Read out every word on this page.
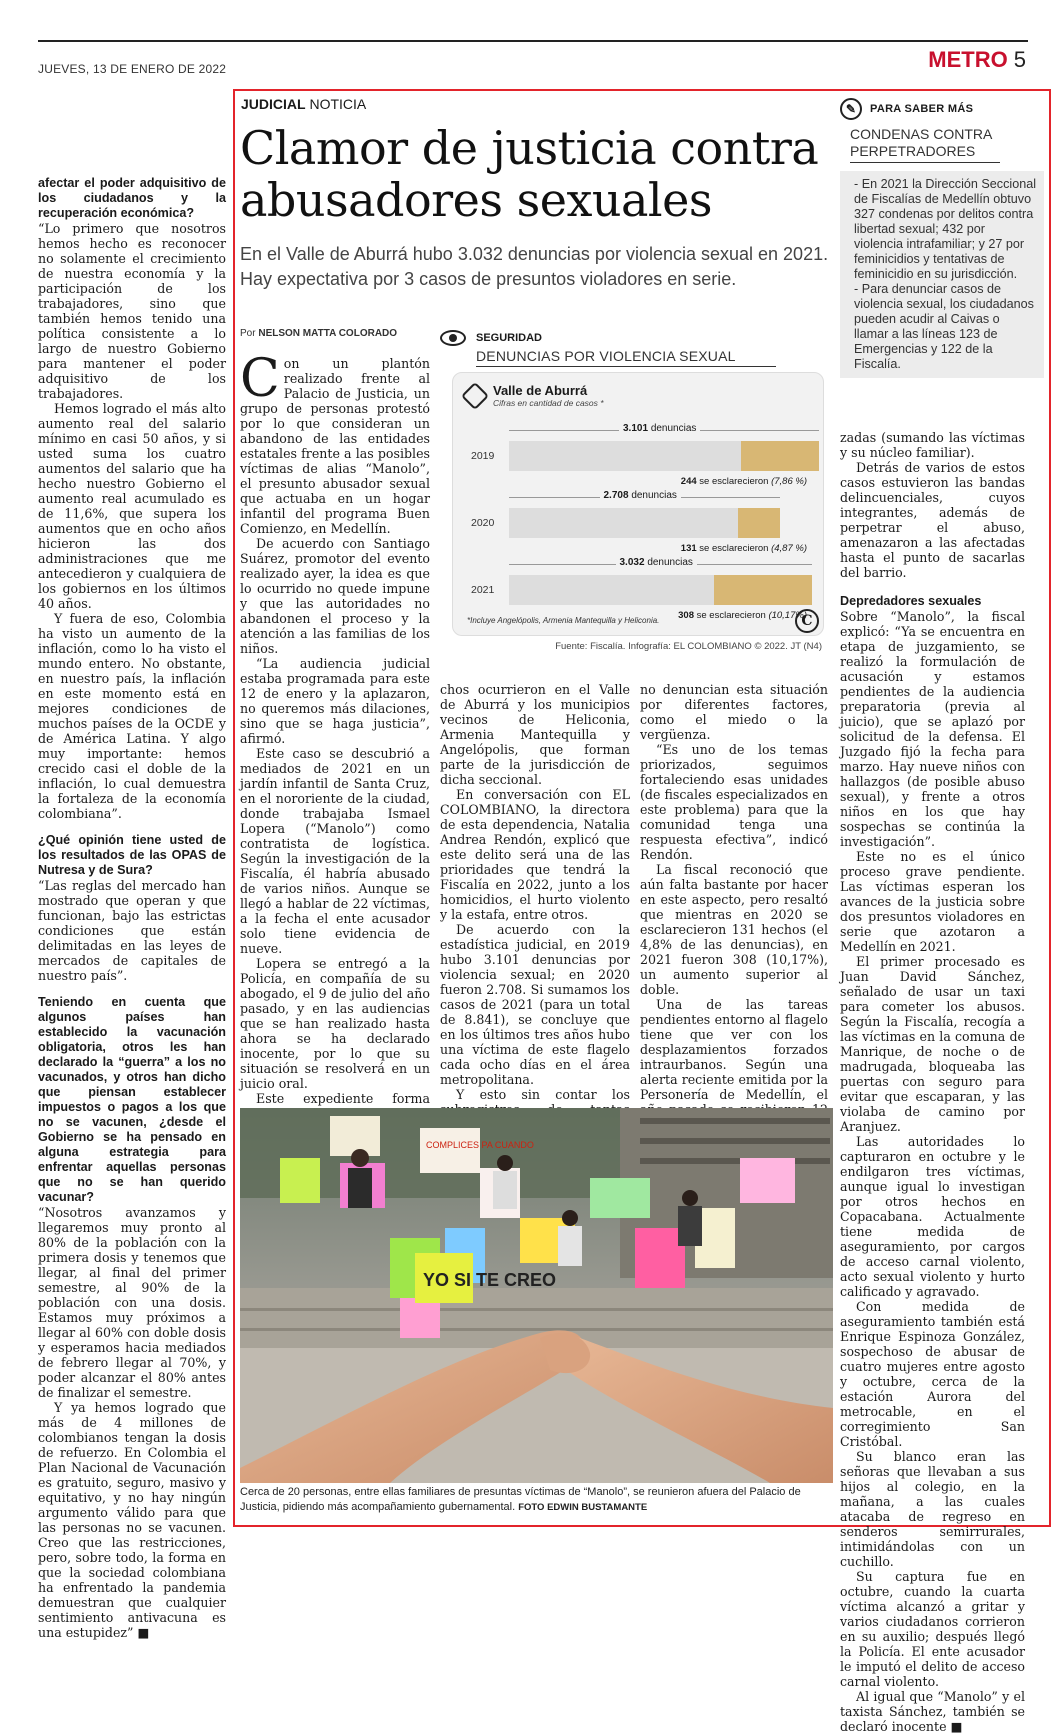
JUEVES, 13 DE ENERO DE 2022	METRO 5
afectar el poder adquisitivo de los ciudadanos y la recuperación económica?

“Lo primero que nosotros hemos hecho es reconocer no solamente el crecimiento de nuestra economía y la participación de los trabajadores, sino que también hemos tenido una política consistente a lo largo de nuestro Gobierno para mantener el poder adquisitivo de los trabajadores.

Hemos logrado el más alto aumento real del salario mínimo en casi 50 años, y si usted suma los cuatro aumentos del salario que ha hecho nuestro Gobierno el aumento real acumulado es de 11,6%, que supera los aumentos que en ocho años hicieron las dos administraciones que me antecedieron y cualquiera de los gobiernos en los últimos 40 años.

Y fuera de eso, Colombia ha visto un aumento de la inflación, como lo ha visto el mundo entero. No obstante, en nuestro país, la inflación en este momento está en mejores condiciones de muchos países de la OCDE y de América Latina. Y algo muy importante: hemos crecido casi el doble de la inflación, lo cual demuestra la fortaleza de la economía colombiana”.

¿Qué opinión tiene usted de los resultados de las OPAS de Nutresa y de Sura?

“Las reglas del mercado han mostrado que operan y que funcionan, bajo las estrictas condiciones que están delimitadas en las leyes de mercados de capitales de nuestro país”.

Teniendo en cuenta que algunos países han establecido la vacunación obligatoria, otros les han declarado la “guerra” a los no vacunados, y otros han dicho que piensan establecer impuestos o pagos a los que no se vacunen, ¿desde el Gobierno se ha pensado en alguna estrategia para enfrentar aquellas personas que no se han querido vacunar?

“Nosotros avanzamos y llegaremos muy pronto al 80% de la población con la primera dosis y tenemos que llegar, al final del primer semestre, al 90% de la población con una dosis. Estamos muy próximos a llegar al 60% con doble dosis y esperamos hacia mediados de febrero llegar al 70%, y poder alcanzar el 80% antes de finalizar el semestre.

Y ya hemos logrado que más de 4 millones de colombianos tengan la dosis de refuerzo. En Colombia el Plan Nacional de Vacunación es gratuito, seguro, masivo y equitativo, y no hay ningún argumento válido para que las personas no se vacunen. Creo que las restricciones, pero, sobre todo, la forma en que la sociedad colombiana ha enfrentado la pandemia demuestran que cualquier sentimiento antivacuna es una estupidez” ■

JUDICIAL NOTICIA
Clamor de justicia contra abusadores sexuales
En el Valle de Aburrá hubo 3.032 denuncias por violencia sexual en 2021. Hay expectativa por 3 casos de presuntos violadores en serie.
Por NELSON MATTA COLORADO
✎	PARA SABER MÁS
CONDENAS CONTRA PERPETRADORES

- En 2021 la Dirección Seccional de Fiscalías de Medellín obtuvo 327 condenas por delitos contra libertad sexual; 432 por violencia intrafamiliar; y 27 por feminicidios y tentativas de feminicidio en su jurisdicción.

- Para denunciar casos de violencia sexual, los ciudadanos pueden acudir al Caivas o llamar a las líneas 123 de Emergencias y 122 de la Fiscalía.

Con un plantón realizado frente al Palacio de Justicia, un grupo de personas protestó por lo que consideran un abandono de las entidades estatales frente a las posibles víctimas de alias “Manolo”, el presunto abusador sexual que actuaba en un hogar infantil del programa Buen Comienzo, en Medellín.

De acuerdo con Santiago Suárez, promotor del evento realizado ayer, la idea es que lo ocurrido no quede impune y que las autoridades no abandonen el proceso y la atención a las familias de los niños.

“La audiencia judicial estaba programada para este 12 de enero y la aplazaron, no queremos más dilaciones, sino que se haga justicia”, afirmó.

Este caso se descubrió a mediados de 2021 en un jardín infantil de Santa Cruz, en el nororiente de la ciudad, donde trabajaba Ismael Lopera (“Manolo”) como contratista de logística. Según la investigación de la Fiscalía, él habría abusado de varios niños. Aunque se llegó a hablar de 22 víctimas, a la fecha el ente acusador solo tiene evidencia de nueve.

Lopera se entregó a la Policía, en compañía de su abogado, el 9 de julio del año pasado, y en las audiencias que se han realizado hasta ahora se ha declarado inocente, por lo que su situación se resolverá en un juicio oral.

Este expediente forma

chos ocurrieron en el Valle de Aburrá y los municipios vecinos de Heliconia, Armenia Mantequilla y Angelópolis, que forman parte de la jurisdicción de dicha seccional.

En conversación con EL COLOMBIANO, la directora de esta dependencia, Natalia Andrea Rendón, explicó que este delito será una de las prioridades que tendrá la Fiscalía en 2022, junto a los homicidios, el hurto violento y la estafa, entre otros.

De acuerdo con la estadística judicial, en 2019 hubo 3.101 denuncias por violencia sexual; en 2020 fueron 2.708. Si sumamos los casos de 2021 (para un total de 8.841), se concluye que en los últimos tres años hubo una víctima de este flagelo cada ocho días en el área metropolitana.

Y esto sin contar los

no denuncian esta situación por diferentes factores, como el miedo o la vergüenza.

“Es uno de los temas priorizados, seguimos fortaleciendo esas unidades (de fiscales especializados en este problema) para que la comunidad tenga una respuesta efectiva”, indicó Rendón.

La fiscal reconoció que aún falta bastante por hacer en este aspecto, pero resaltó que mientras en 2020 se esclarecieron 131 hechos (el 4,8% de las denuncias), en 2021 fueron 308 (10,17%), un aumento superior al doble.

Una de las tareas pendientes entorno al flagelo tiene que ver con los desplazamientos forzados intraurbanos. Según una alerta reciente emitida por la Personería de Medellín, el

zadas (sumando las víctimas y su núcleo familiar).

Detrás de varios de estos casos estuvieron las bandas delincuenciales, cuyos integrantes, además de perpetrar el abuso, amenazaron a las afectadas hasta el punto de sacarlas del barrio.

Depredadores sexuales

Sobre “Manolo”, la fiscal explicó: “Ya se encuentra en etapa de juzgamiento, se realizó la formulación de acusación y estamos pendientes de la audiencia preparatoria (previa al juicio), que se aplazó por solicitud de la defensa. El Juzgado fijó la fecha para marzo. Hay nueve niños con hallazgos (de posible abuso sexual), y frente a otros niños en los que hay sospechas se continúa la investigación”.

Este no es el único proceso grave pendiente. Las víctimas esperan los avances de la justicia sobre dos presuntos violadores en serie que azotaron a Medellín en 2021.

El primer procesado es Juan David Sánchez, señalado de usar un taxi para cometer los abusos. Según la Fiscalía, recogía a las víctimas en la comuna de Manrique, de noche o de madrugada, bloqueaba las puertas con seguro para evitar que escaparan, y las violaba de camino por Aranjuez.

Las autoridades lo capturaron en octubre y le endilgaron tres víctimas, aunque igual lo investigan por otros hechos en Copacabana. Actualmente tiene medida de aseguramiento, por cargos de acceso carnal violento, acto sexual violento y hurto calificado y agravado.

Con medida de aseguramiento también está Enrique Espinoza González, sospechoso de abusar de cuatro mujeres entre agosto y octubre, cerca de la estación Aurora del metrocable, en el corregimiento San Cristóbal.

Su blanco eran las señoras que llevaban a sus hijos al colegio, en la mañana, a las cuales atacaba de regreso en senderos semirrurales, intimidándolas con un cuchillo.

Su captura fue en octubre, cuando la cuarta víctima alcanzó a gritar y varios ciudadanos corrieron en su auxilio; después llegó la Policía. El ente acusador le imputó el delito de acceso carnal violento.

Al igual que “Manolo” y el taxista Sánchez, también se declaró inocente ■

SEGURIDAD
DENUNCIAS POR VIOLENCIA SEXUAL
Valle de Aburrá
Cifras en cantidad de casos *
*Incluye Angelópolis, Armenia Mantequilla y Heliconia.	C
3.101 denuncias
2019
244 se esclarecieron (7,86 %)
2.708 denuncias
2020
131 se esclarecieron (4,87 %)
3.032 denuncias
2021
308 se esclarecieron (10,17%)
Fuente: Fiscalía. Infografía: EL COLOMBIANO © 2022. JT (N4)
YO SI TE CREO
COMPLICES PA CUANDO
Cerca de 20 personas, entre ellas familiares de presuntas víctimas de “Manolo”, se reunieron afuera del Palacio de Justicia, pidiendo más acompañamiento gubernamental. FOTO EDWIN BUSTAMANTE
